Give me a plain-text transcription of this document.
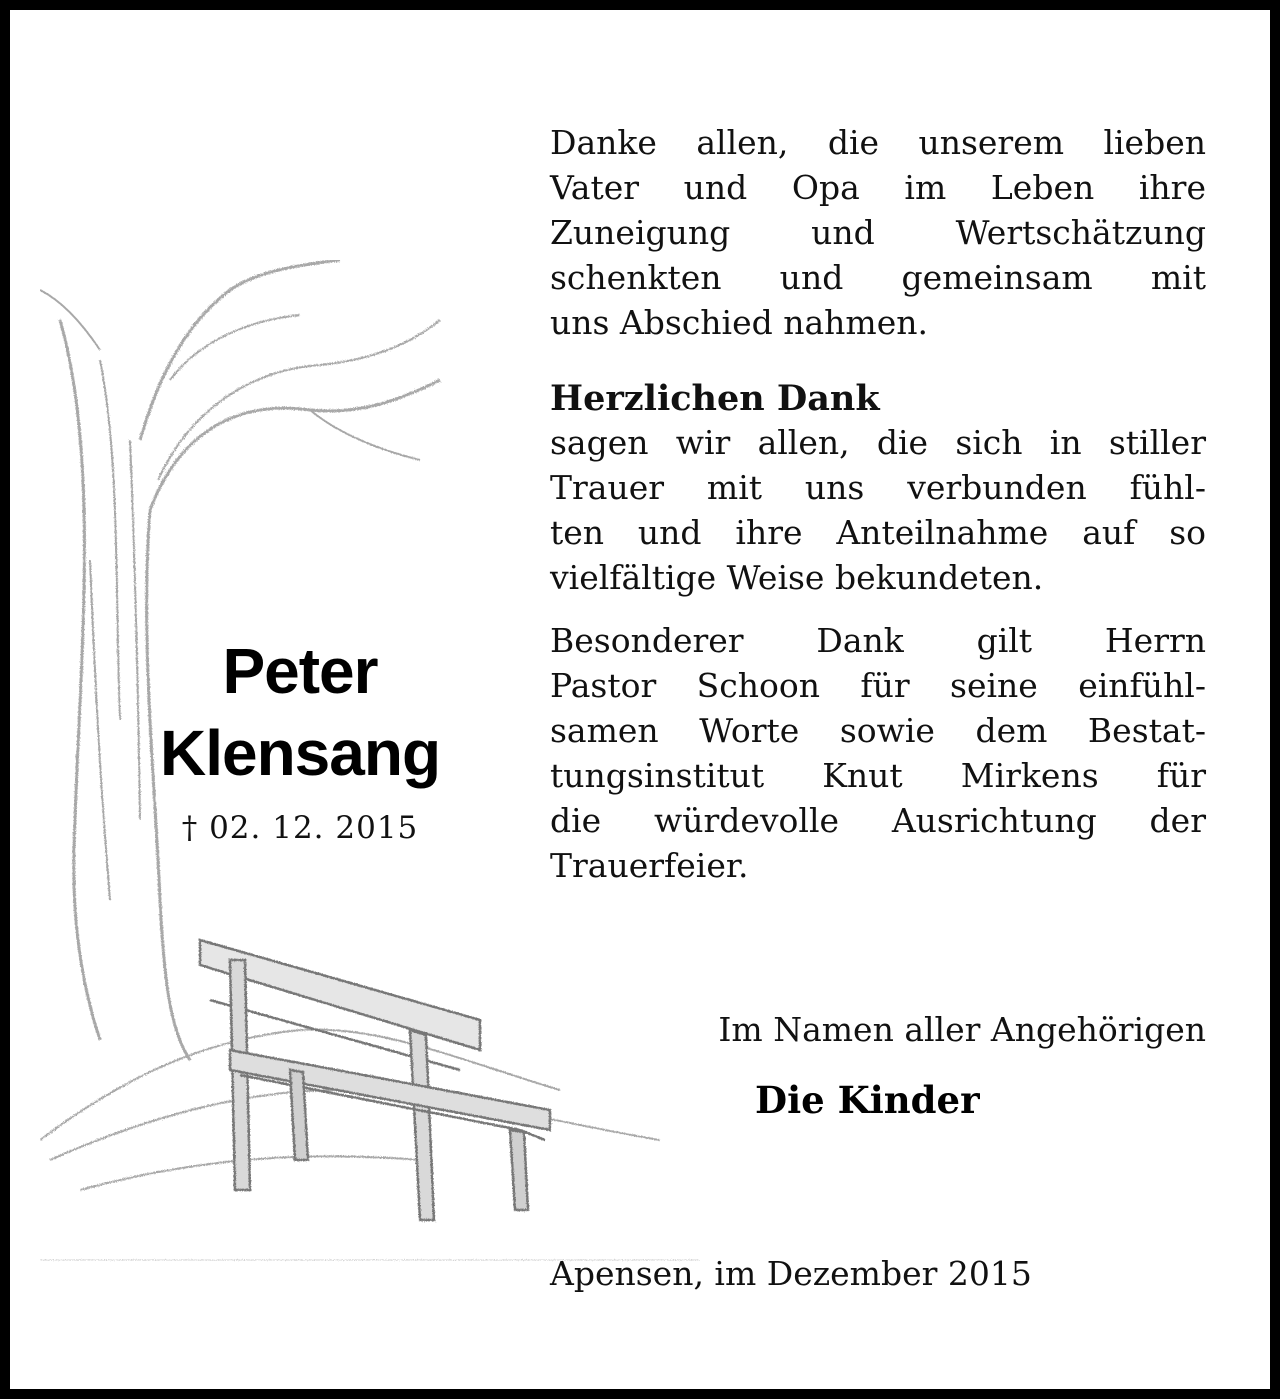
Peter
Klensang
† 02. 12. 2015

Danke allen, die unserem lieben
Vater und Opa im Leben ihre
Zuneigung und Wertschätzung
schenkten und gemeinsam mit
uns Abschied nahmen.

Herzlichen Dank

sagen wir allen, die sich in stiller
Trauer mit uns verbunden fühl-
ten und ihre Anteilnahme auf so
vielfältige Weise bekundeten.

Besonderer Dank gilt Herrn
Pastor Schoon für seine einfühl-
samen Worte sowie dem Bestat-
tungsinstitut Knut Mirkens für
die würdevolle Ausrichtung der
Trauerfeier.

Im Namen aller Angehörigen
Die Kinder
Apensen, im Dezember 2015
